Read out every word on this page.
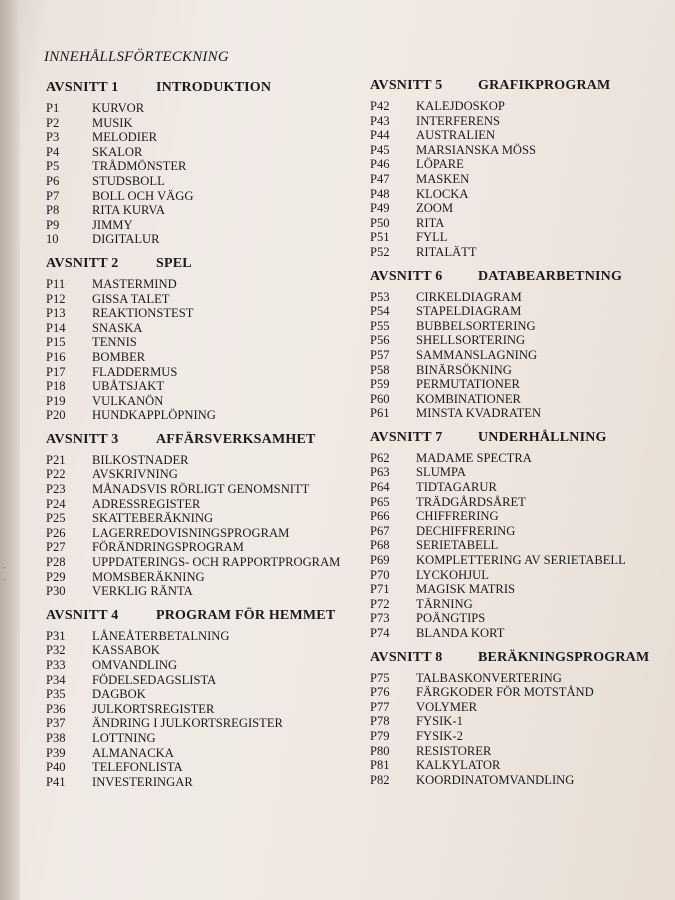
~
~
INNEHÅLLSFÖRTECKNING
AVSNITT 1	INTRODUKTION
P1	KURVOR
P2	MUSIK
P3	MELODIER
P4	SKALOR
P5	TRÅDMÖNSTER
P6	STUDSBOLL
P7	BOLL OCH VÄGG
P8	RITA KURVA
P9	JIMMY
10	DIGITALUR
AVSNITT 2	SPEL
P11	MASTERMIND
P12	GISSA TALET
P13	REAKTIONSTEST
P14	SNASKA
P15	TENNIS
P16	BOMBER
P17	FLADDERMUS
P18	UBÅTSJAKT
P19	VULKANÖN
P20	HUNDKAPPLÖPNING
AVSNITT 3	AFFÄRSVERKSAMHET
P21	BILKOSTNADER
P22	AVSKRIVNING
P23	MÅNADSVIS RÖRLIGT GENOMSNITT
P24	ADRESSREGISTER
P25	SKATTEBERÄKNING
P26	LAGERREDOVISNINGSPROGRAM
P27	FÖRÄNDRINGSPROGRAM
P28	UPPDATERINGS- OCH RAPPORTPROGRAM
P29	MOMSBERÄKNING
P30	VERKLIG RÄNTA
AVSNITT 4	PROGRAM FÖR HEMMET
P31	LÅNEÅTERBETALNING
P32	KASSABOK
P33	OMVANDLING
P34	FÖDELSEDAGSLISTA
P35	DAGBOK
P36	JULKORTSREGISTER
P37	ÄNDRING I JULKORTSREGISTER
P38	LOTTNING
P39	ALMANACKA
P40	TELEFONLISTA
P41	INVESTERINGAR
AVSNITT 5	GRAFIKPROGRAM
P42	KALEJDOSKOP
P43	INTERFERENS
P44	AUSTRALIEN
P45	MARSIANSKA MÖSS
P46	LÖPARE
P47	MASKEN
P48	KLOCKA
P49	ZOOM
P50	RITA
P51	FYLL
P52	RITALÄTT
AVSNITT 6	DATABEARBETNING
P53	CIRKELDIAGRAM
P54	STAPELDIAGRAM
P55	BUBBELSORTERING
P56	SHELLSORTERING
P57	SAMMANSLAGNING
P58	BINÄRSÖKNING
P59	PERMUTATIONER
P60	KOMBINATIONER
P61	MINSTA KVADRATEN
AVSNITT 7	UNDERHÅLLNING
P62	MADAME SPECTRA
P63	SLUMPA
P64	TIDTAGARUR
P65	TRÄDGÅRDSÅRET
P66	CHIFFRERING
P67	DECHIFFRERING
P68	SERIETABELL
P69	KOMPLETTERING AV SERIETABELL
P70	LYCKOHJUL
P71	MAGISK MATRIS
P72	TÄRNING
P73	POÄNGTIPS
P74	BLANDA KORT
AVSNITT 8	BERÄKNINGSPROGRAM
P75	TALBASKONVERTERING
P76	FÄRGKODER FÖR MOTSTÅND
P77	VOLYMER
P78	FYSIK-1
P79	FYSIK-2
P80	RESISTORER
P81	KALKYLATOR
P82	KOORDINATOMVANDLING
